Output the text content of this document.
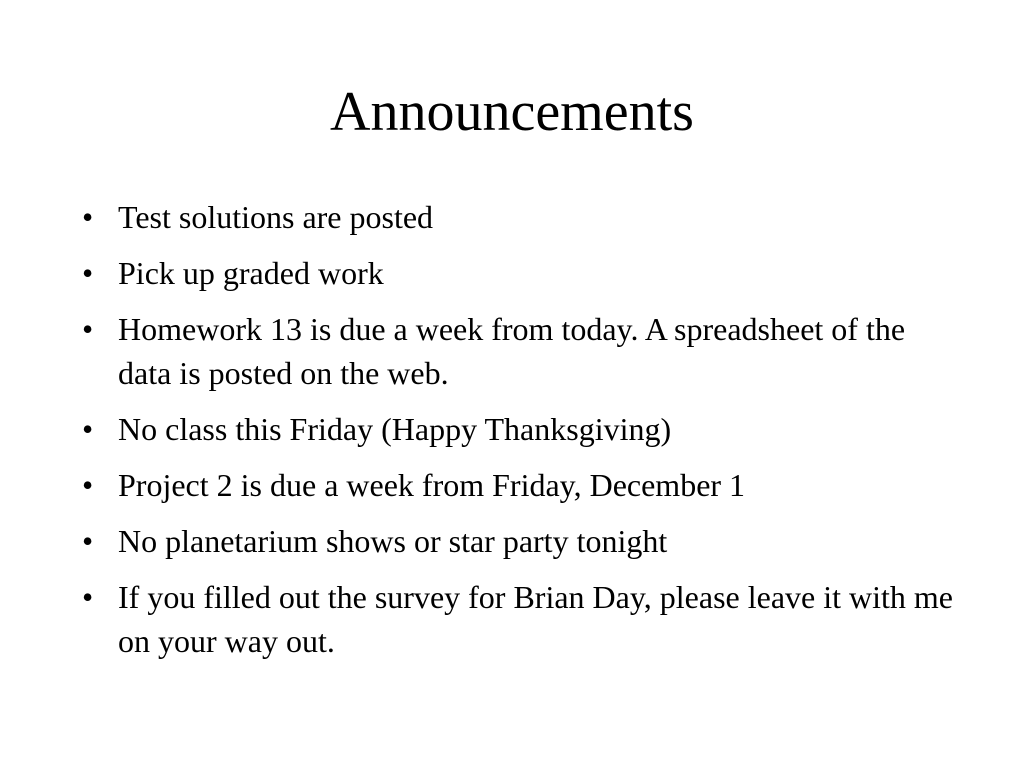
Announcements
• Test solutions are posted
• Pick up graded work
• Homework 13 is due a week from today. A spreadsheet of the data is posted on the web.
• No class this Friday (Happy Thanksgiving)
• Project 2 is due a week from Friday, December 1
• No planetarium shows or star party tonight
• If you filled out the survey for Brian Day, please leave it with me on your way out.
